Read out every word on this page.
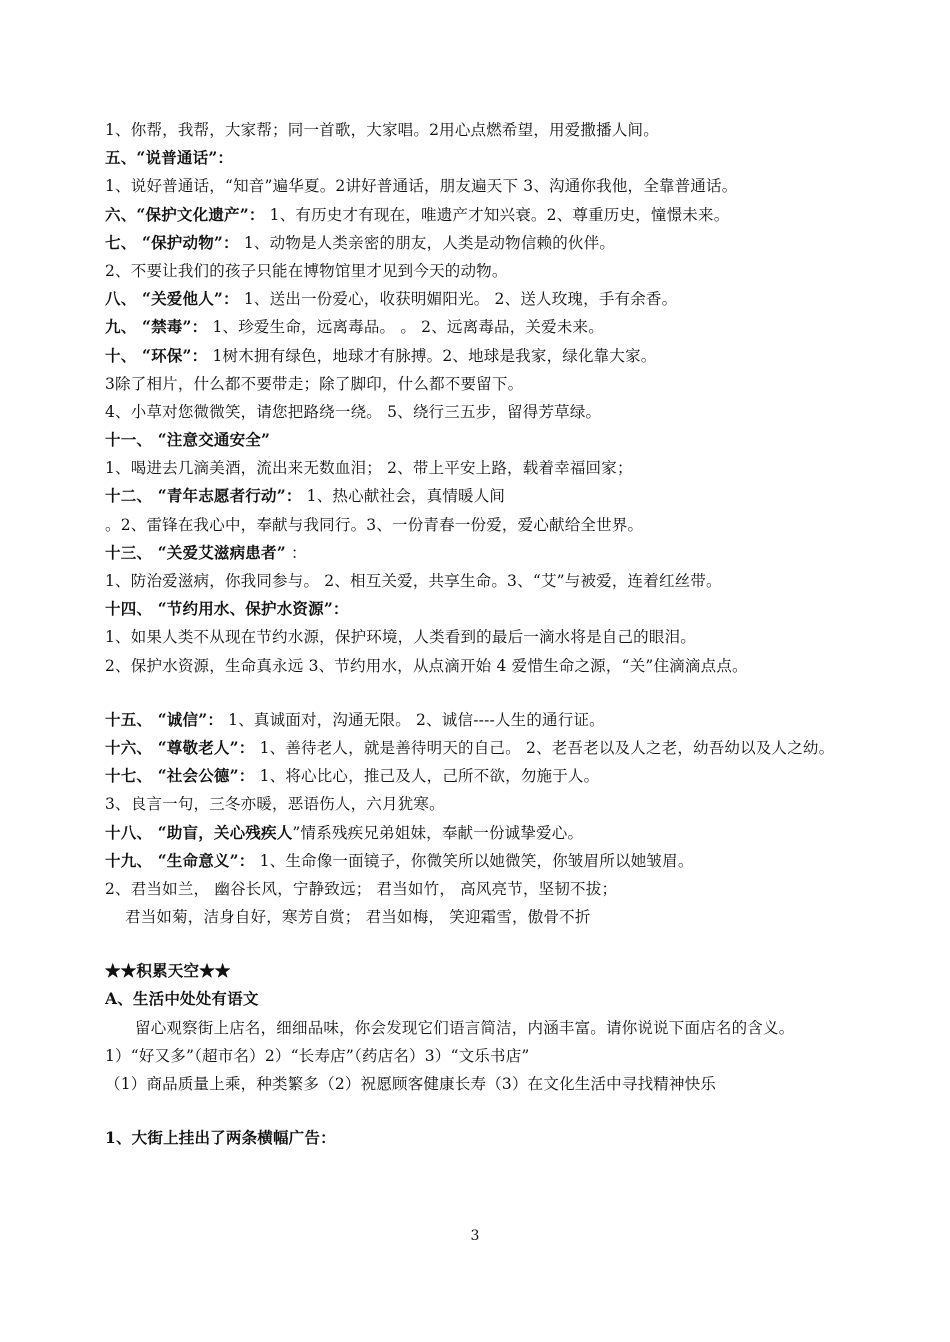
1、你帮，我帮，大家帮；同一首歌，大家唱。2用心点燃希望，用爱撒播人间。
五、“说普通话”：
1、说好普通话，“知音”遍华夏。2讲好普通话，朋友遍天下 3、沟通你我他，全靠普通话。
六、“保护文化遗产”： 1、有历史才有现在，唯遗产才知兴衰。2、尊重历史，憧憬未来。
七、 “保护动物”： 1、动物是人类亲密的朋友，人类是动物信赖的伙伴。
2、不要让我们的孩子只能在博物馆里才见到今天的动物。
八、 “关爱他人”： 1、送出一份爱心，收获明媚阳光。 2、送人玫瑰，手有余香。
九、 “禁毒”： 1、珍爱生命，远离毒品。 。 2、远离毒品，关爱未来。
十、 “环保”： 1树木拥有绿色，地球才有脉搏。2、地球是我家，绿化靠大家。
3除了相片，什么都不要带走；除了脚印，什么都不要留下。
4、小草对您微微笑，请您把路绕一绕。 5、绕行三五步，留得芳草绿。
十一、 “注意交通安全”
1、喝进去几滴美酒，流出来无数血泪； 2、带上平安上路，载着幸福回家；
十二、 “青年志愿者行动”： 1、热心献社会，真情暖人间
。2、雷锋在我心中，奉献与我同行。3、一份青春一份爱，爱心献给全世界。
十三、 “关爱艾滋病患者” ：
1、防治爱滋病，你我同参与。 2、相互关爱，共享生命。3、“艾”与被爱，连着红丝带。
十四、 “节约用水、保护水资源”：
1、如果人类不从现在节约水源，保护环境，人类看到的最后一滴水将是自己的眼泪。
2、保护水资源，生命真永远 3、节约用水，从点滴开始 4 爱惜生命之源，“关”住滴滴点点。
十五、 “诚信”： 1、真诚面对，沟通无限。 2、诚信----人生的通行证。
十六、 “尊敬老人”： 1、善待老人，就是善待明天的自己。 2、老吾老以及人之老，幼吾幼以及人之幼。
十七、 “社会公德”： 1、将心比心，推己及人，己所不欲，勿施于人。
3、良言一句，三冬亦暖，恶语伤人，六月犹寒。
十八、 “助盲，关心残疾人”情系残疾兄弟姐妹，奉献一份诚挚爱心。
十九、 “生命意义”： 1、生命像一面镜子，你微笑所以她微笑，你皱眉所以她皱眉。
2、君当如兰， 幽谷长风，宁静致远； 君当如竹， 高风亮节，坚韧不拔；
君当如菊，洁身自好，寒芳自赏； 君当如梅， 笑迎霜雪，傲骨不折
★★积累天空★★
A、生活中处处有语文
留心观察街上店名，细细品味，你会发现它们语言简洁，内涵丰富。请你说说下面店名的含义。
1）“好又多”（超市名）2）“长寿店”（药店名）3）“文乐书店”
（1）商品质量上乘，种类繁多（2）祝愿顾客健康长寿（3）在文化生活中寻找精神快乐
1、大街上挂出了两条横幅广告：
3
